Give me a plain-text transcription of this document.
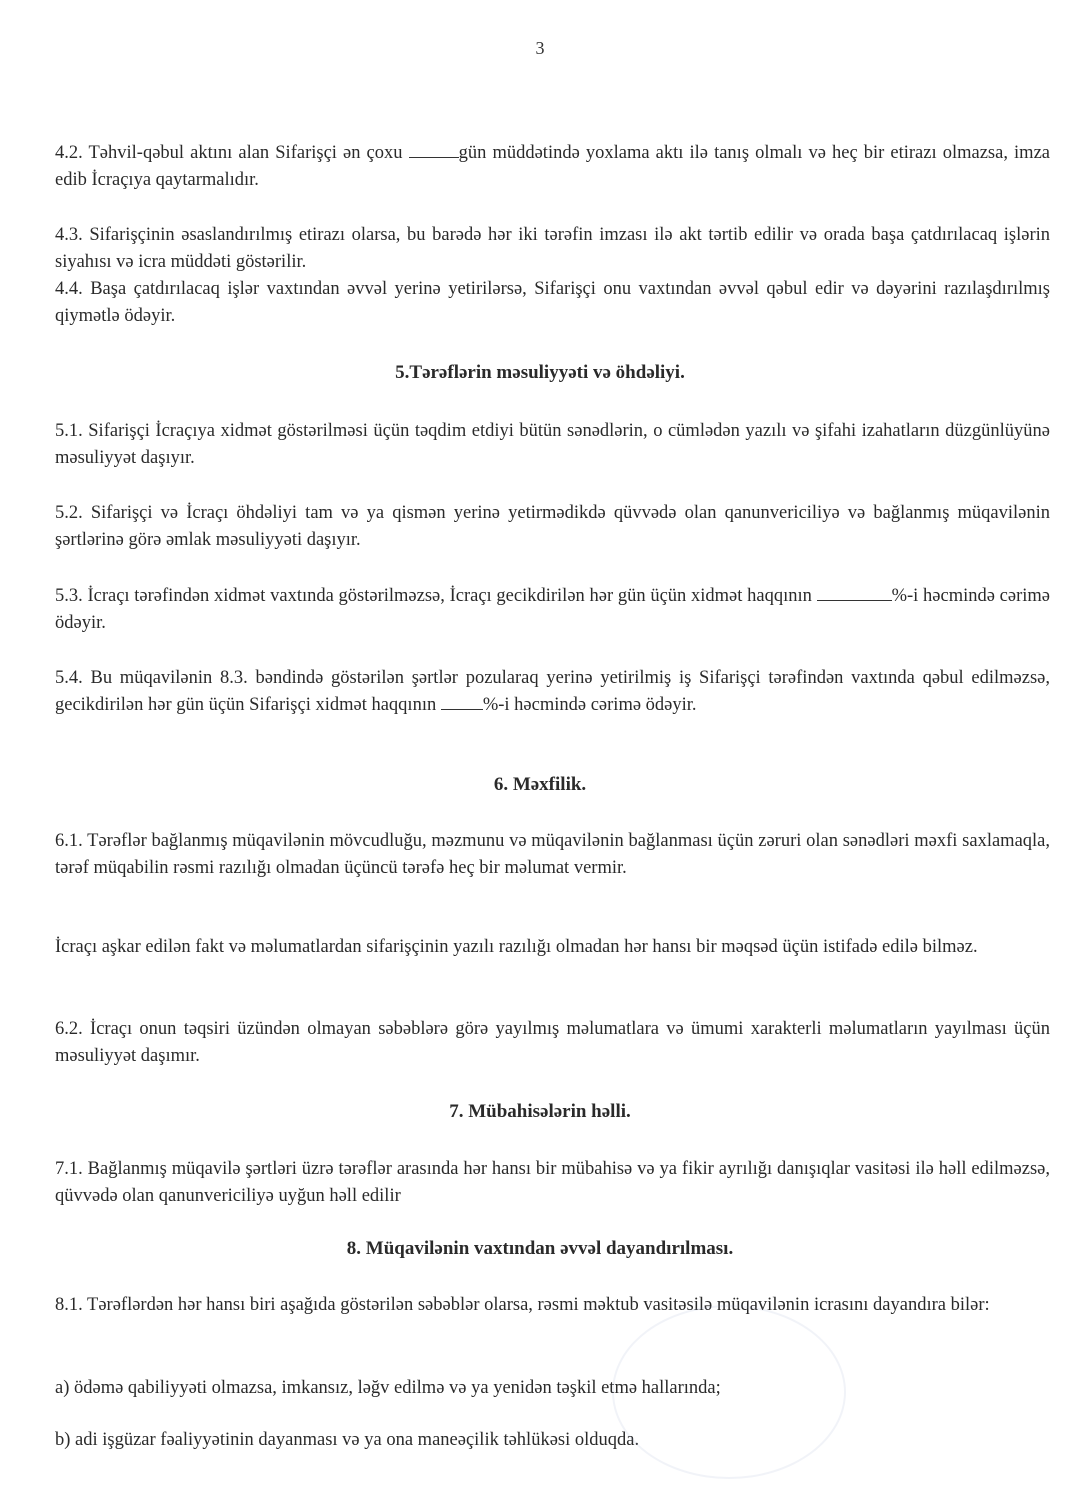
3

4.2. Təhvil-qəbul aktını alan Sifarişçi ən çoxu	gün müddətində yoxlama aktı ilə tanış olmalı və heç bir etirazı olmazsa, imza edib İcraçıya qaytarmalıdır.

4.3. Sifarişçinin əsaslandırılmış etirazı olarsa, bu barədə hər iki tərəfin imzası ilə akt tərtib edilir və orada başa çatdırılacaq işlərin siyahısı və icra müddəti göstərilir.

4.4. Başa çatdırılacaq işlər vaxtından əvvəl yerinə yetirilərsə, Sifarişçi onu vaxtından əvvəl qəbul edir və dəyərini razılaşdırılmış qiymətlə ödəyir.

5.Tərəflərin məsuliyyəti və öhdəliyi.

5.1. Sifarişçi İcraçıya xidmət göstərilməsi üçün təqdim etdiyi bütün sənədlərin, o cümlədən yazılı və şifahi izahatların düzgünlüyünə məsuliyyət daşıyır.

5.2. Sifarişçi və İcraçı öhdəliyi tam və ya qismən yerinə yetirmədikdə qüvvədə olan qanunvericiliyə və bağlanmış müqavilənin şərtlərinə görə əmlak məsuliyyəti daşıyır.

5.3. İcraçı tərəfindən xidmət vaxtında göstərilməzsə, İcraçı gecikdirilən hər gün üçün xidmət haqqının	%-i həcmində cərimə ödəyir.

5.4. Bu müqavilənin 8.3. bəndində göstərilən şərtlər pozularaq yerinə yetirilmiş iş Sifarişçi tərəfindən vaxtında qəbul edilməzsə, gecikdirilən hər gün üçün Sifarişçi xidmət haqqının %-i həcmində cərimə ödəyir.

6. Məxfilik.

6.1. Tərəflər bağlanmış müqavilənin mövcudluğu, məzmunu və müqavilənin bağlanması üçün zəruri olan sənədləri məxfi saxlamaqla, tərəf müqabilin rəsmi razılığı olmadan üçüncü tərəfə heç bir məlumat vermir.

İcraçı aşkar edilən fakt və məlumatlardan sifarişçinin yazılı razılığı olmadan hər hansı bir məqsəd üçün istifadə edilə bilməz.

6.2. İcraçı onun təqsiri üzündən olmayan səbəblərə görə yayılmış məlumatlara və ümumi xarakterli məlumatların yayılması üçün məsuliyyət daşımır.

7. Mübahisələrin həlli.

7.1. Bağlanmış müqavilə şərtləri üzrə tərəflər arasında hər hansı bir mübahisə və ya fikir ayrılığı danışıqlar vasitəsi ilə həll edilməzsə, qüvvədə olan qanunvericiliyə uyğun həll edilir

8. Müqavilənin vaxtından əvvəl dayandırılması.

8.1. Tərəflərdən hər hansı biri aşağıda göstərilən səbəblər olarsa, rəsmi məktub vasitəsilə müqavilənin icrasını dayandıra bilər:

a) ödəmə qabiliyyəti olmazsa, imkansız, ləğv edilmə və ya yenidən təşkil etmə hallarında;

b) adi işgüzar fəaliyyətinin dayanması və ya ona maneəçilik təhlükəsi olduqda.
